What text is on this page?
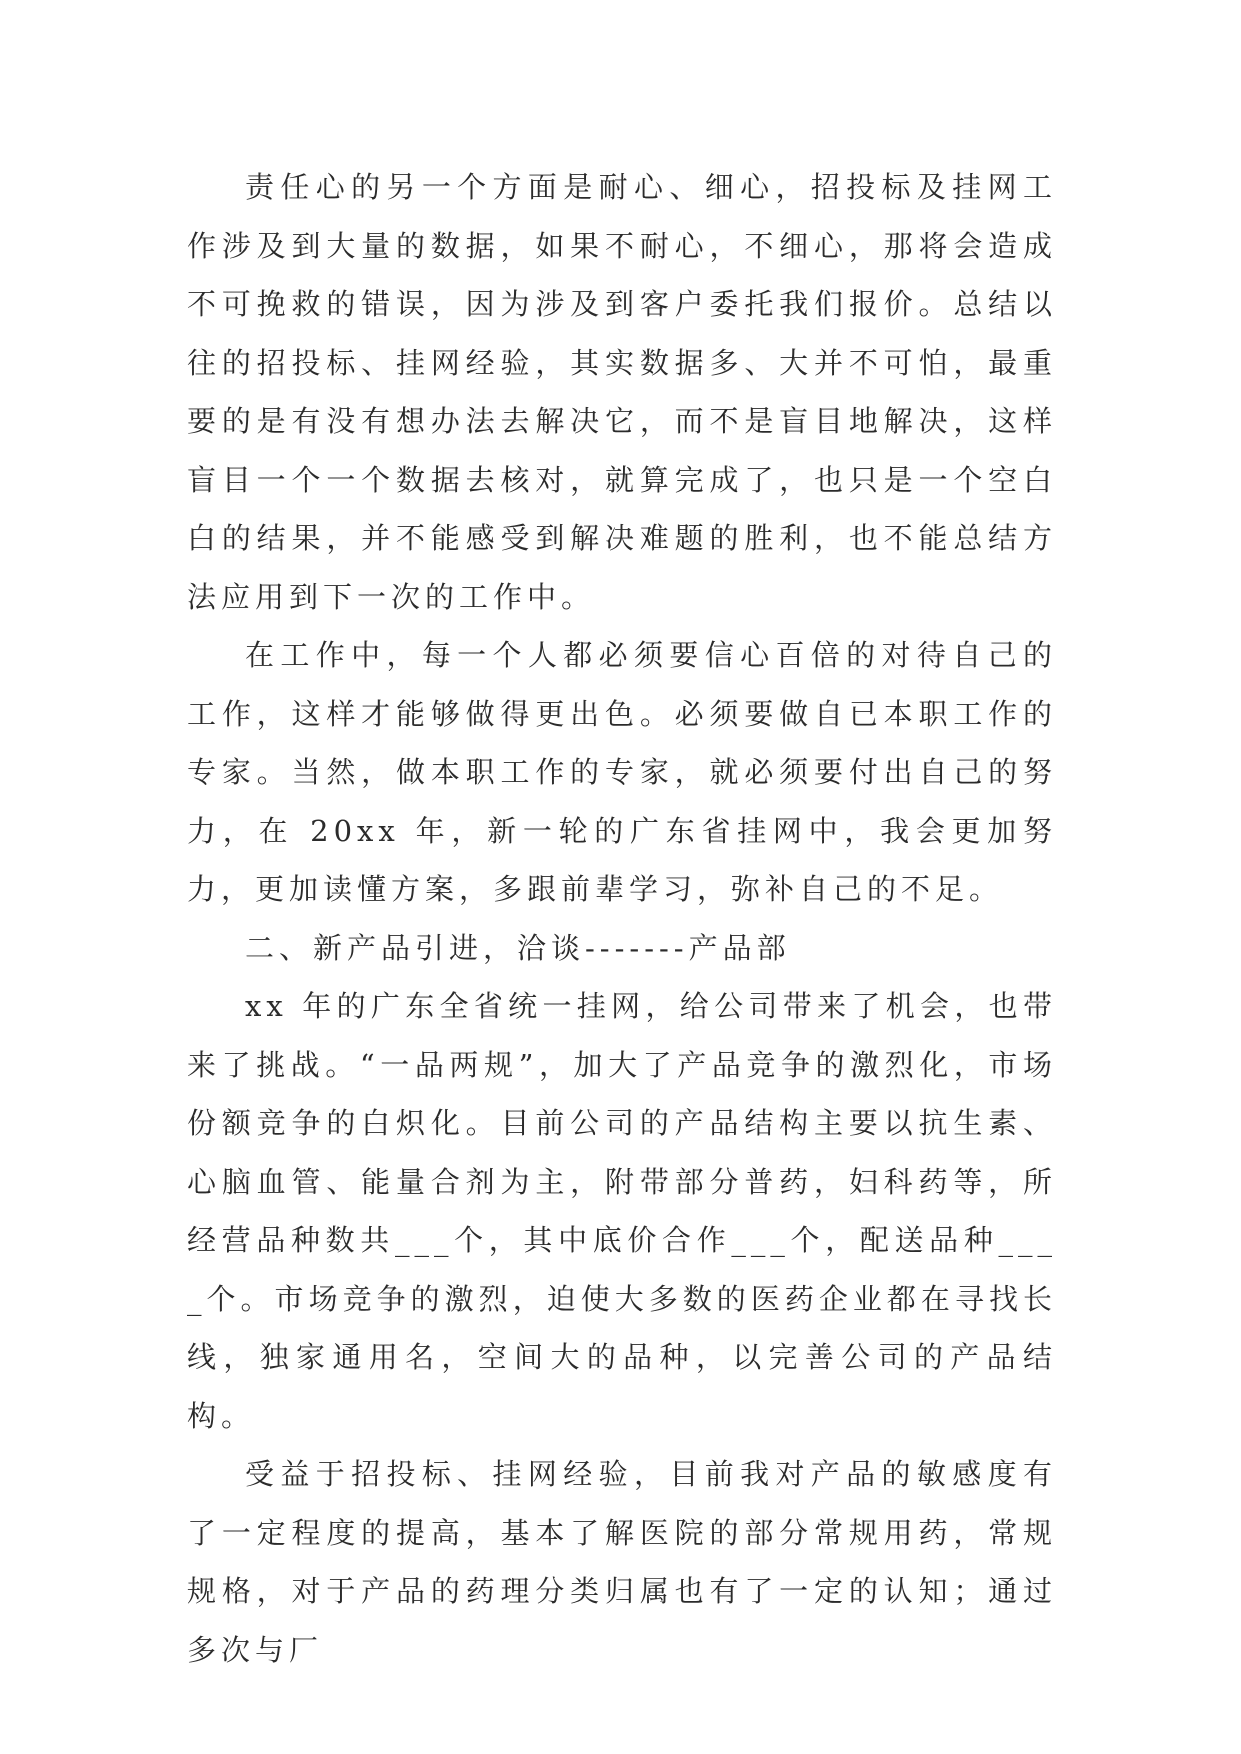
责任心的另一个方面是耐心、细心，招投标及挂网工作涉及到大量的数据，如果不耐心，不细心，那将会造成不可挽救的错误，因为涉及到客户委托我们报价。总结以往的招投标、挂网经验，其实数据多、大并不可怕，最重要的是有没有想办法去解决它，而不是盲目地解决，这样盲目一个一个数据去核对，就算完成了，也只是一个空白白的结果，并不能感受到解决难题的胜利，也不能总结方法应用到下一次的工作中。

在工作中，每一个人都必须要信心百倍的对待自己的工作，这样才能够做得更出色。必须要做自已本职工作的专家。当然，做本职工作的专家，就必须要付出自己的努力，在 20xx 年，新一轮的广东省挂网中，我会更加努力，更加读懂方案，多跟前辈学习，弥补自己的不足。

二、新产品引进，洽谈-------产品部

xx 年的广东全省统一挂网，给公司带来了机会，也带来了挑战。“一品两规”，加大了产品竞争的激烈化，市场份额竞争的白炽化。目前公司的产品结构主要以抗生素、心脑血管、能量合剂为主，附带部分普药，妇科药等，所经营品种数共___个，其中底价合作___个，配送品种____个。市场竞争的激烈，迫使大多数的医药企业都在寻找长线，独家通用名，空间大的品种，以完善公司的产品结构。

受益于招投标、挂网经验，目前我对产品的敏感度有了一定程度的提高，基本了解医院的部分常规用药，常规规格，对于产品的药理分类归属也有了一定的认知；通过多次与厂
